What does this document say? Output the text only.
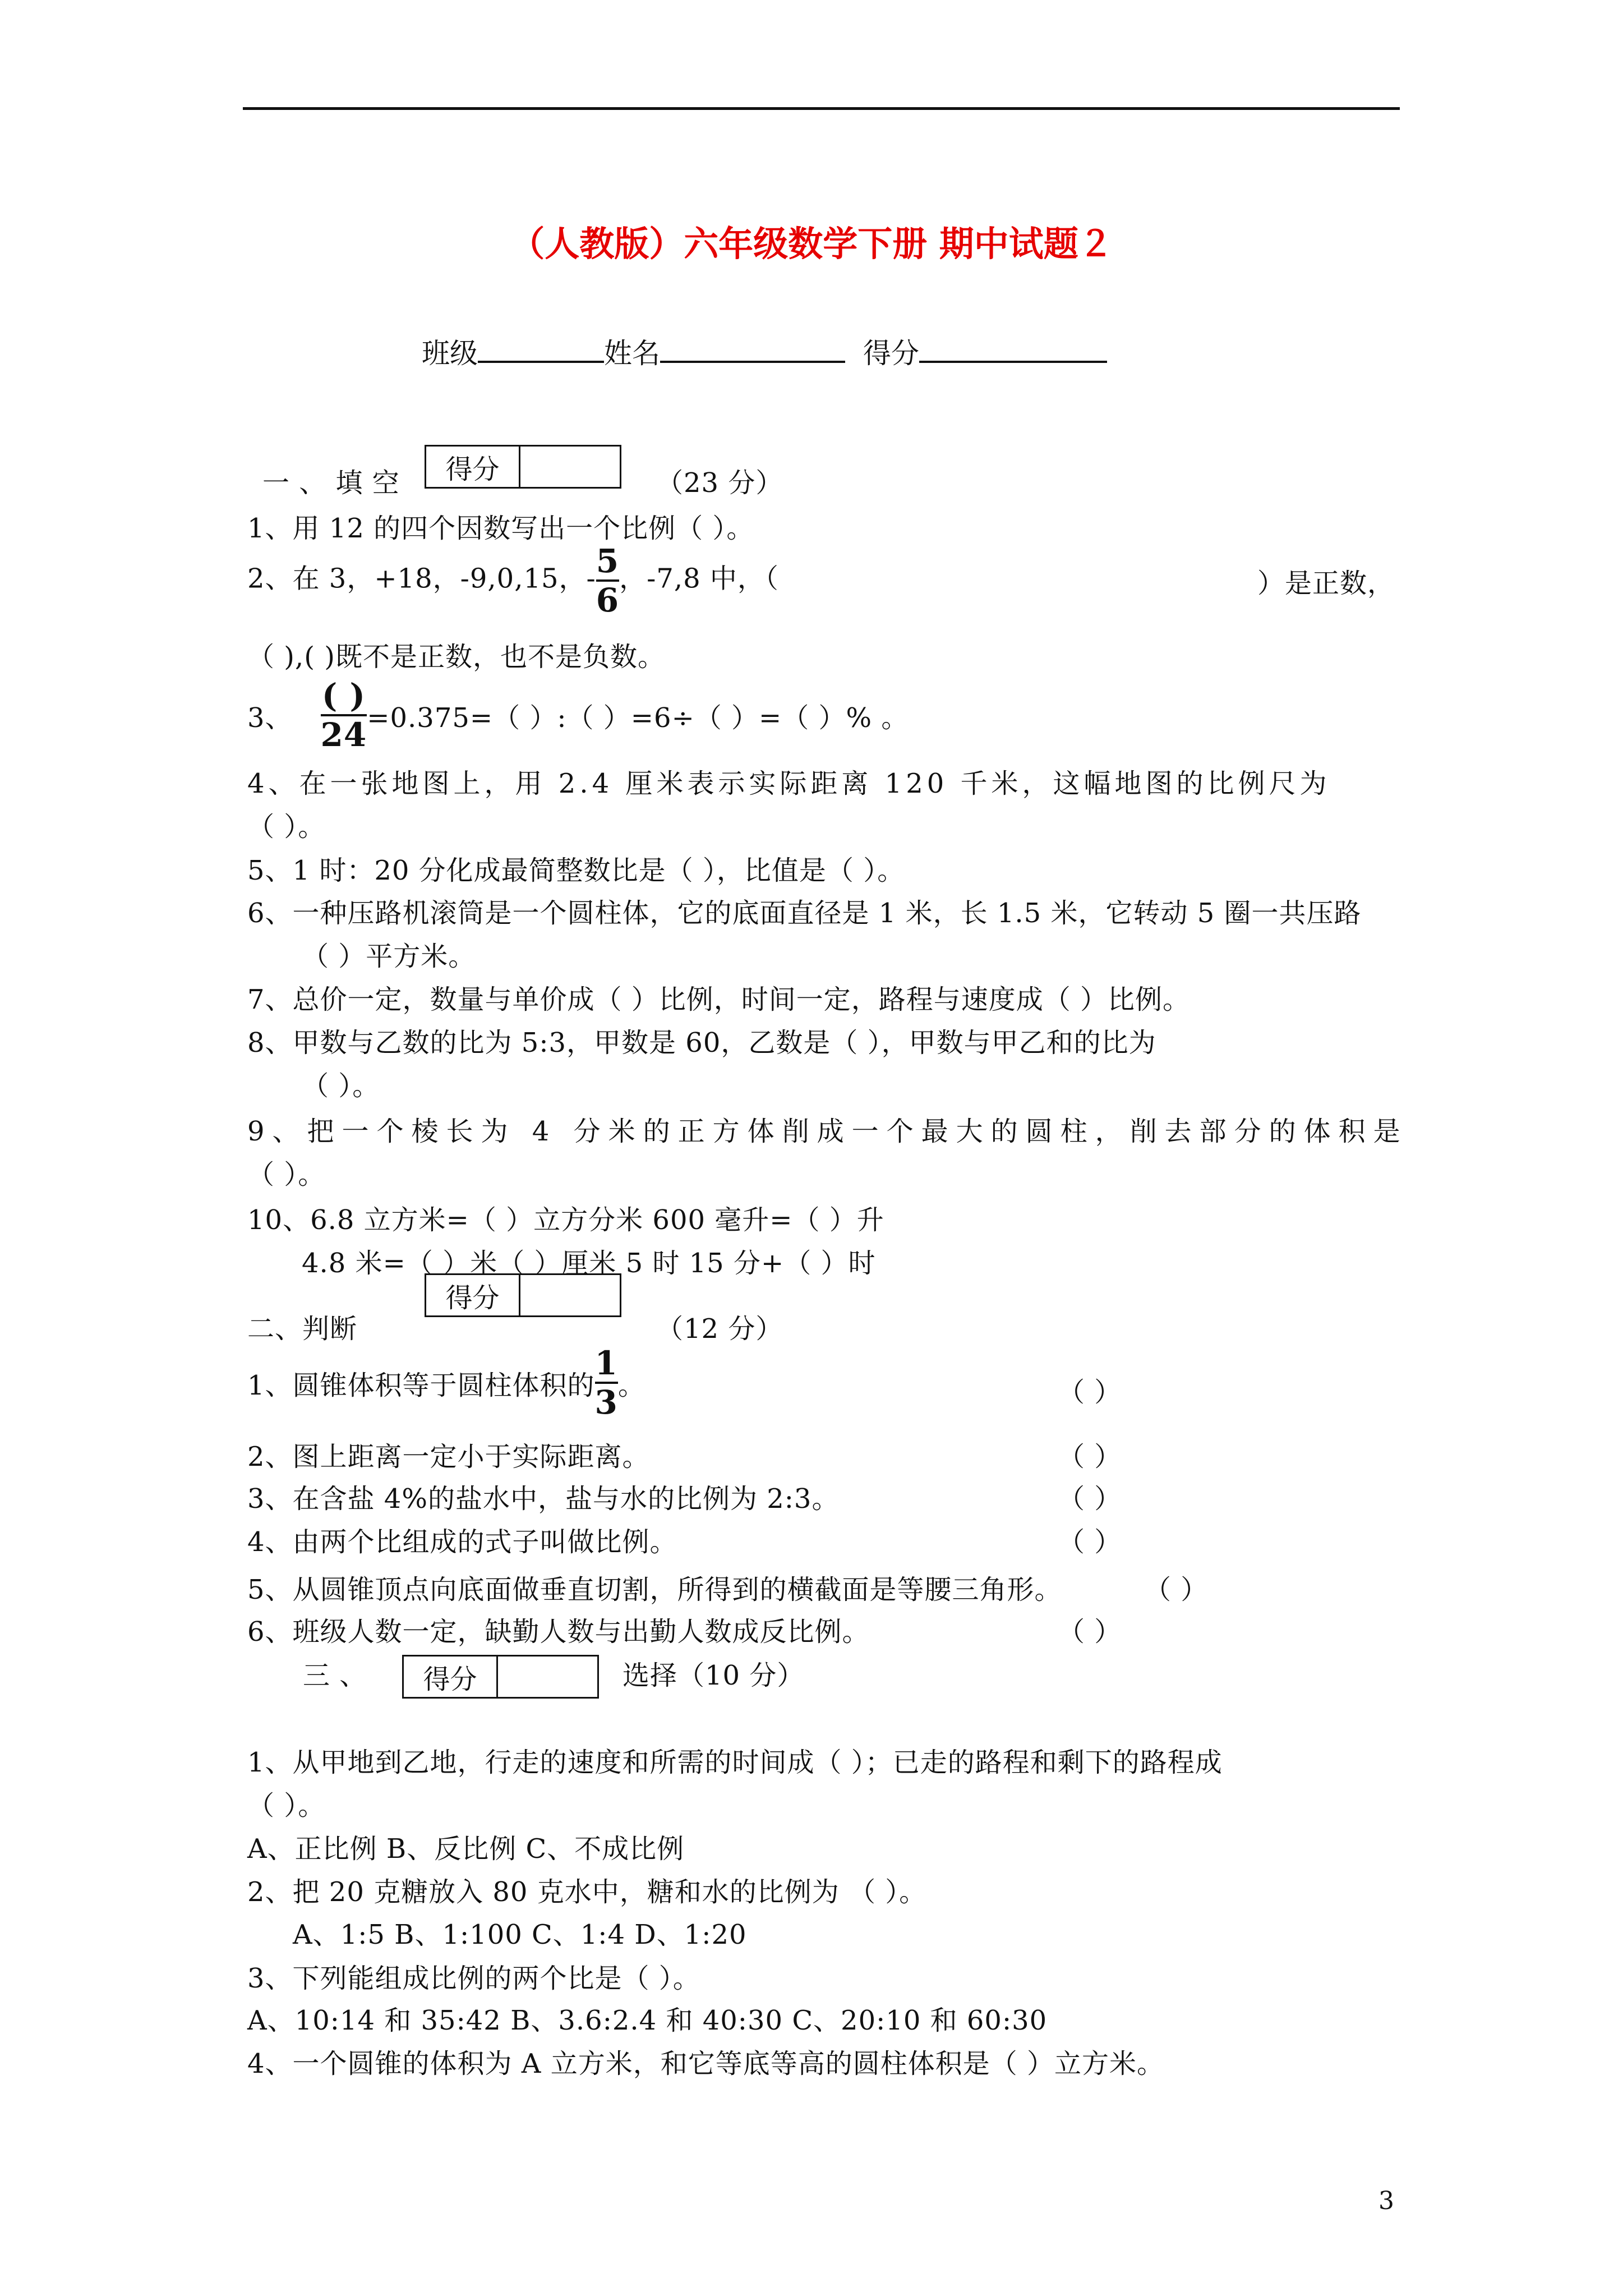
（人教版）六年级数学下册 期中试题２
班级	姓名	得分
一 、 填 空	得分	（23 分）
1、用 12 的四个因数写出一个比例（ ）。
2、在 3，+18，-9,0,15，- $\frac{5}{6}$ ，-7,8 中，（	）是正数，
（ ),( )既不是正数，也不是负数。
3、 $\frac{( )}{24} =0.375=$（ ）:（ ）=6÷（ ）=（ ）% 。
4、在一张地图上，用 2.4 厘米表示实际距离 120 千米，这幅地图的比例尺为
（ ）。
5、1 时：20 分化成最简整数比是（ ），比值是（ ）。
6、一种压路机滚筒是一个圆柱体，它的底面直径是 1 米，长 1.5 米，它转动 5 圈一共压路
（ ）平方米。
7、总价一定，数量与单价成（ ）比例，时间一定，路程与速度成（ ）比例。
8、甲数与乙数的比为 5:3，甲数是 60，乙数是（ ），甲数与甲乙和的比为
（ ）。
9、把一个棱长为 4 分米的正方体削成一个最大的圆柱，削去部分的体积是
（ ）。
10、6.8 立方米=（ ）立方分米 600 毫升=（ ）升
4.8 米=（ ）米（ ）厘米 5 时 15 分+（ ）时
得分
二、判断	（12 分）
1、圆锥体积等于圆柱体积的 $\frac{1}{3}$ 。	（ ）
2、图上距离一定小于实际距离。	（ ）
3、在含盐 4%的盐水中，盐与水的比例为 2:3。	（ ）
4、由两个比组成的式子叫做比例。	（ ）
5、从圆锥顶点向底面做垂直切割，所得到的横截面是等腰三角形。	（ ）
6、班级人数一定，缺勤人数与出勤人数成反比例。	（ ）
三 、	得分	选择（10 分）
1、从甲地到乙地，行走的速度和所需的时间成（ ）；已走的路程和剩下的路程成
（ ）。
A、正比例 B、反比例 C、不成比例
2、把 20 克糖放入 80 克水中，糖和水的比例为 （ ）。
A、1:5 B、1:100 C、1:4 D、1:20
3、下列能组成比例的两个比是（ ）。
A、10:14 和 35:42 B、3.6:2.4 和 40:30 C、20:10 和 60:30
4、一个圆锥的体积为 A 立方米，和它等底等高的圆柱体积是（ ）立方米。
3
